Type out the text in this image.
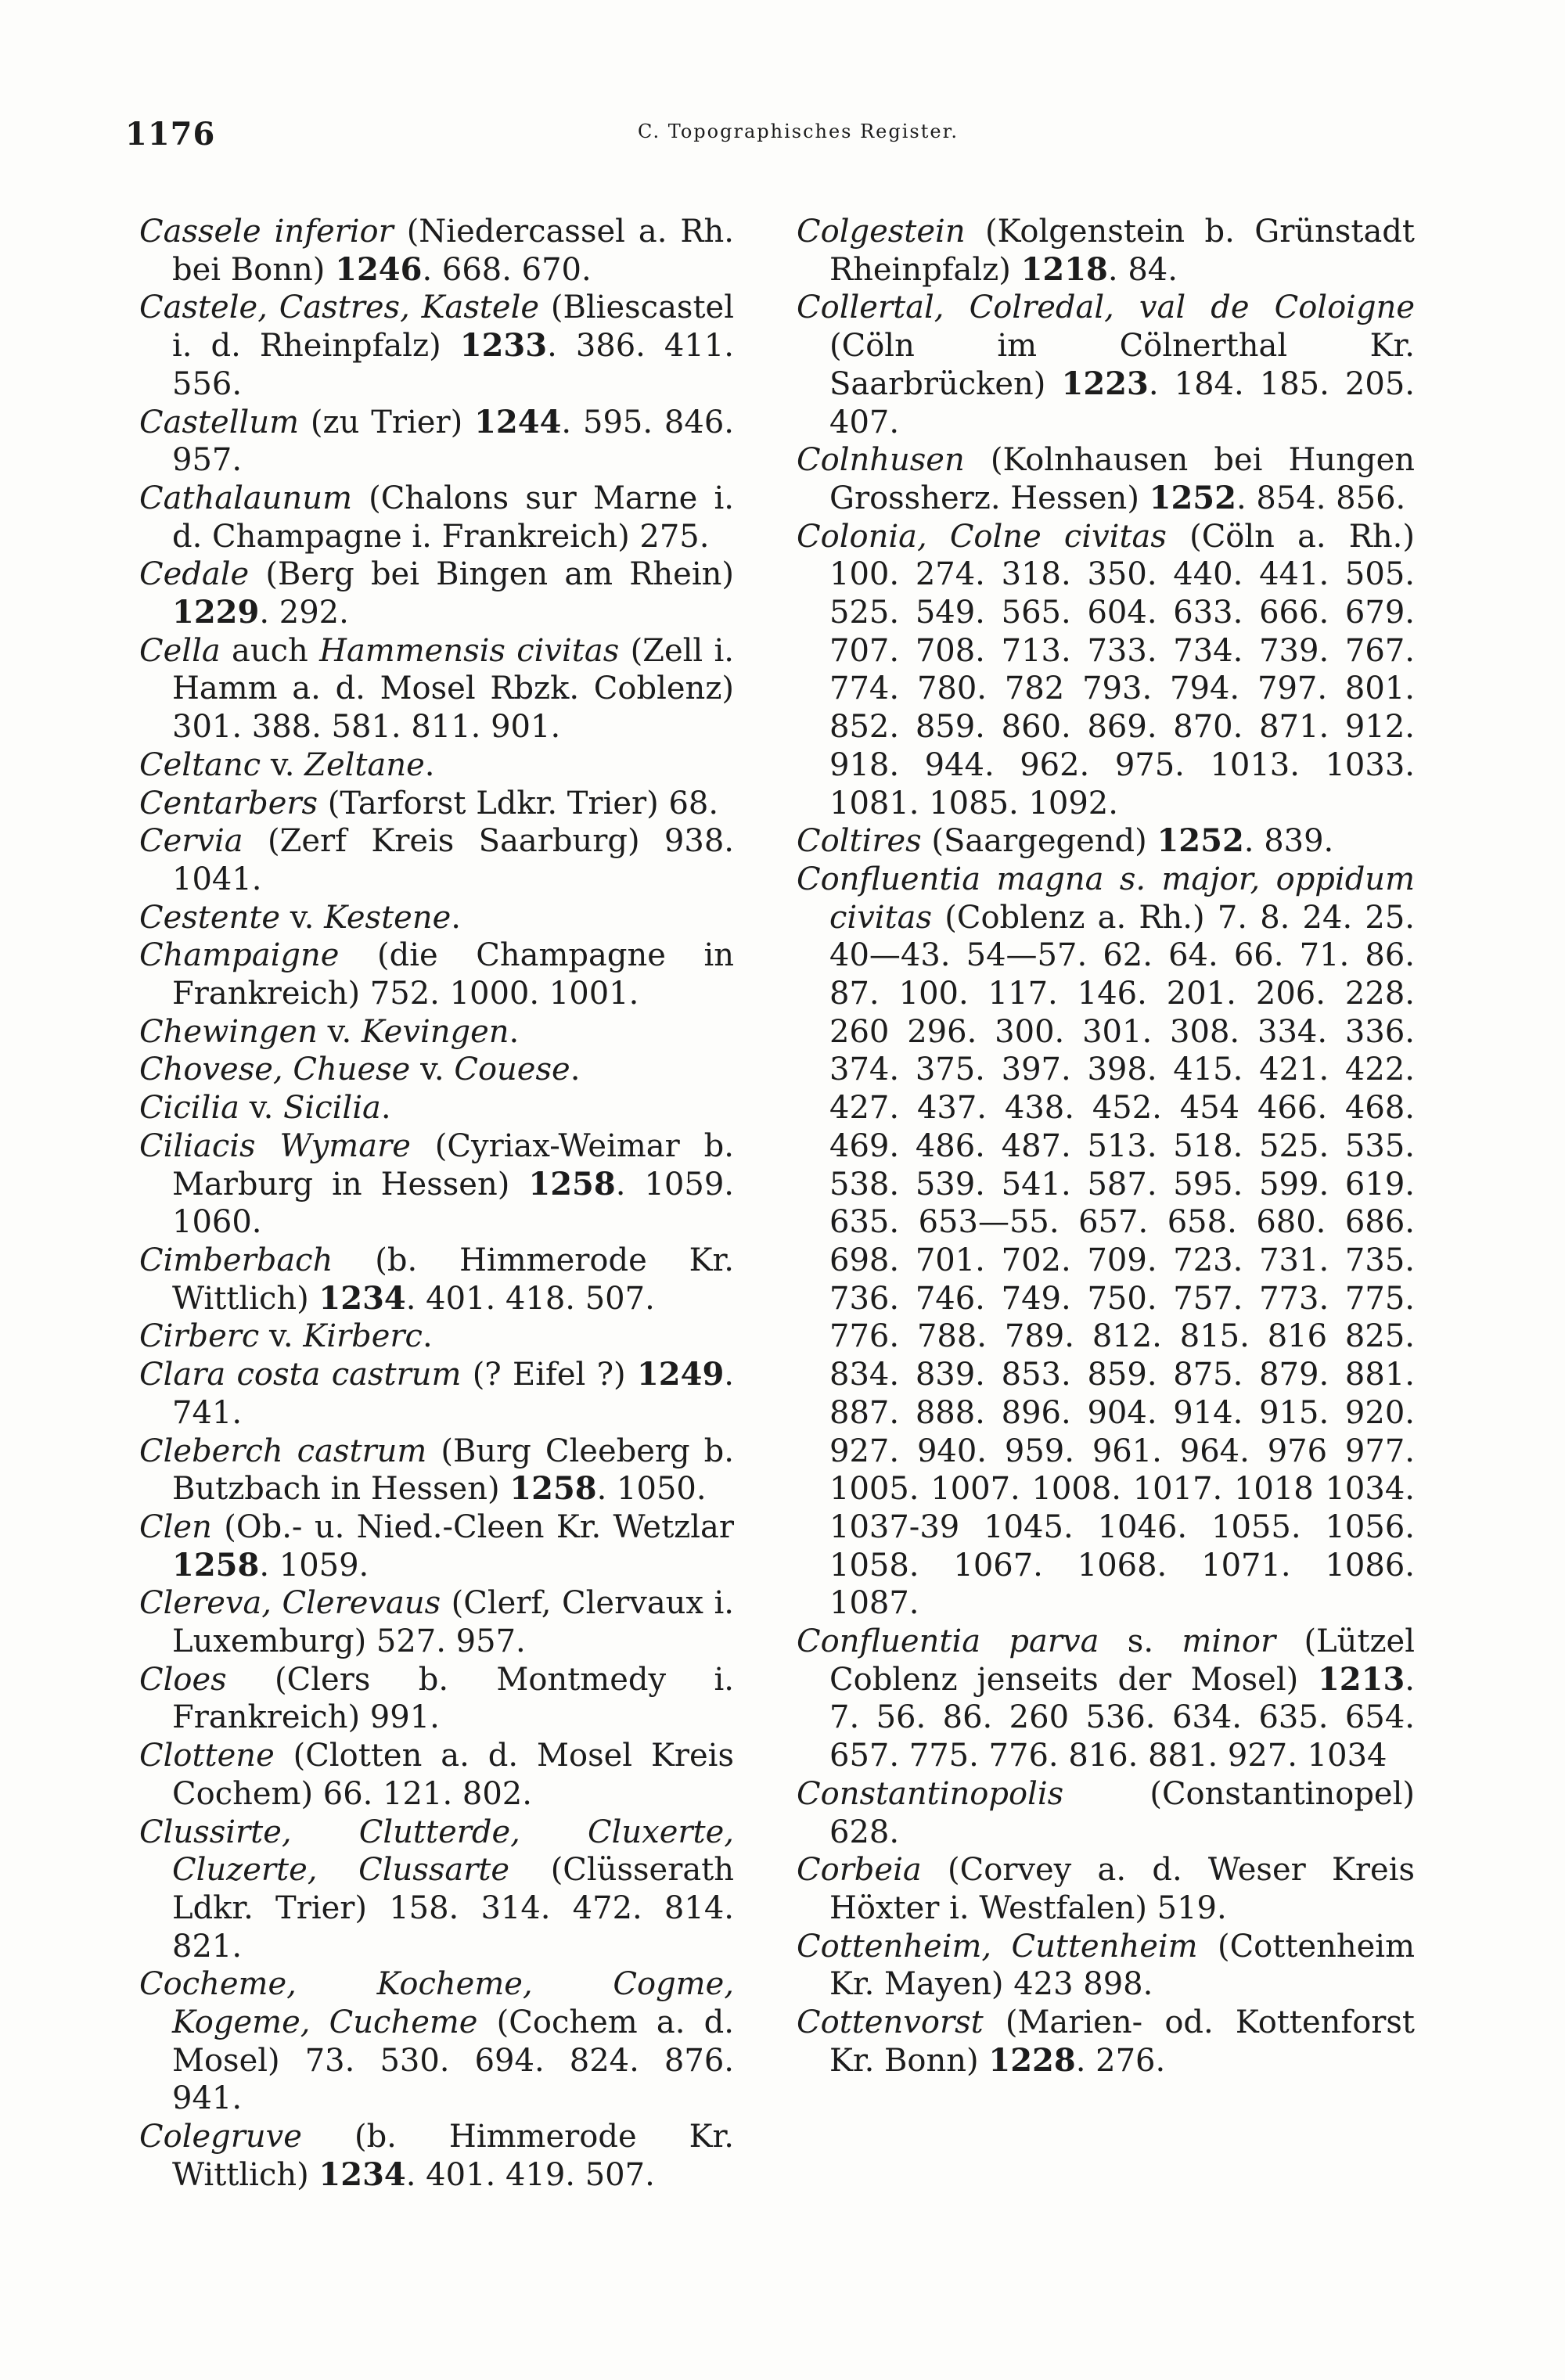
1176	C. Topographisches Register.
Cassele inferior (Niedercassel a. Rh. bei Bonn) 1246. 668. 670.
Castele, Castres, Kastele (Bliescastel i. d. Rheinpfalz) 1233. 386. 411. 556.
Castellum (zu Trier) 1244. 595. 846. 957.
Cathalaunum (Chalons sur Marne i. d. Champagne i. Frankreich) 275.
Cedale (Berg bei Bingen am Rhein) 1229. 292.
Cella auch Hammensis civitas (Zell i. Hamm a. d. Mosel Rbzk. Coblenz) 301. 388. 581. 811. 901.
Celtanc v. Zeltane.
Centarbers (Tarforst Ldkr. Trier) 68.
Cervia (Zerf Kreis Saarburg) 938. 1041.
Cestente v. Kestene.
Champaigne (die Champagne in Frankreich) 752. 1000. 1001.
Chewingen v. Kevingen.
Chovese, Chuese v. Couese.
Cicilia v. Sicilia.
Ciliacis Wymare (Cyriax-Weimar b. Marburg in Hessen) 1258. 1059. 1060.
Cimberbach (b. Himmerode Kr. Wittlich) 1234. 401. 418. 507.
Cirberc v. Kirberc.
Clara costa castrum (? Eifel ?) 1249. 741.
Cleberch castrum (Burg Cleeberg b. Butzbach in Hessen) 1258. 1050.
Clen (Ob.- u. Nied.-Cleen Kr. Wetzlar 1258. 1059.
Clereva, Clerevaus (Clerf, Clervaux i. Luxemburg) 527. 957.
Cloes (Clers b. Montmedy i. Frankreich) 991.
Clottene (Clotten a. d. Mosel Kreis Cochem) 66. 121. 802.
Clussirte, Clutterde, Cluxerte, Cluzerte, Clussarte (Clüsserath Ldkr. Trier) 158. 314. 472. 814. 821.
Cocheme, Kocheme, Cogme, Kogeme, Cucheme (Cochem a. d. Mosel) 73. 530. 694. 824. 876. 941.
Colegruve (b. Himmerode Kr. Wittlich) 1234. 401. 419. 507.
Colgestein (Kolgenstein b. Grünstadt Rheinpfalz) 1218. 84.
Collertal, Colredal, val de Coloigne (Cöln im Cölnerthal Kr. Saarbrücken) 1223. 184. 185. 205. 407.
Colnhusen (Kolnhausen bei Hungen Grossherz. Hessen) 1252. 854. 856.
Colonia, Colne civitas (Cöln a. Rh.) 100. 274. 318. 350. 440. 441. 505. 525. 549. 565. 604. 633. 666. 679. 707. 708. 713. 733. 734. 739. 767. 774. 780. 782 793. 794. 797. 801. 852. 859. 860. 869. 870. 871. 912. 918. 944. 962. 975. 1013. 1033. 1081. 1085. 1092.
Coltires (Saargegend) 1252. 839.
Confluentia magna s. major, oppidum civitas (Coblenz a. Rh.) 7. 8. 24. 25. 40—43. 54—57. 62. 64. 66. 71. 86. 87. 100. 117. 146. 201. 206. 228. 260 296. 300. 301. 308. 334. 336. 374. 375. 397. 398. 415. 421. 422. 427. 437. 438. 452. 454 466. 468. 469. 486. 487. 513. 518. 525. 535. 538. 539. 541. 587. 595. 599. 619. 635. 653—55. 657. 658. 680. 686. 698. 701. 702. 709. 723. 731. 735. 736. 746. 749. 750. 757. 773. 775. 776. 788. 789. 812. 815. 816 825. 834. 839. 853. 859. 875. 879. 881. 887. 888. 896. 904. 914. 915. 920. 927. 940. 959. 961. 964. 976 977. 1005. 1007. 1008. 1017. 1018 1034. 1037-39 1045. 1046. 1055. 1056. 1058. 1067. 1068. 1071. 1086. 1087.
Confluentia parva s. minor (Lützel Coblenz jenseits der Mosel) 1213. 7. 56. 86. 260 536. 634. 635. 654. 657. 775. 776. 816. 881. 927. 1034
Constantinopolis (Constantinopel) 628.
Corbeia (Corvey a. d. Weser Kreis Höxter i. Westfalen) 519.
Cottenheim, Cuttenheim (Cottenheim Kr. Mayen) 423 898.
Cottenvorst (Marien- od. Kottenforst Kr. Bonn) 1228. 276.
